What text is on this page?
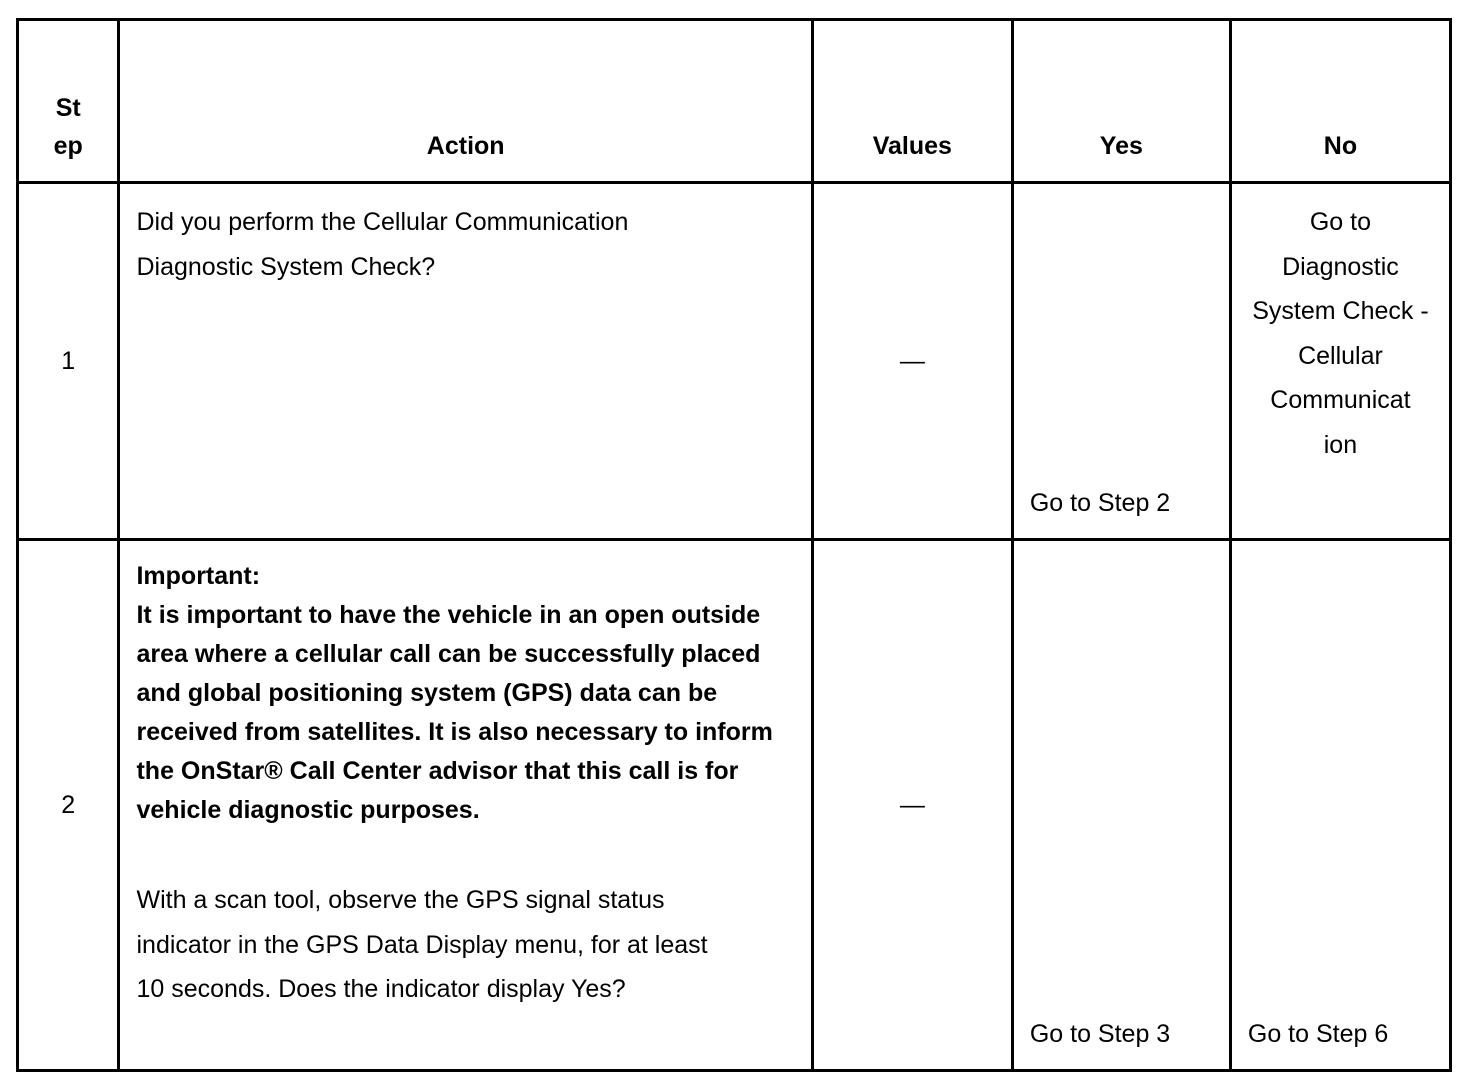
St ep	Action	Values	Yes	No
1	Did you perform the Cellular Communication Diagnostic System Check?	—	Go to Step 2	Go to Diagnostic System Check - Cellular Communicat ion
2	Important:
It is important to have the vehicle in an open outside area where a cellular call can be successfully placed and global positioning system (GPS) data can be received from satellites. It is also necessary to inform the OnStar® Call Center advisor that this call is for vehicle diagnostic purposes.
With a scan tool, observe the GPS signal status indicator in the GPS Data Display menu, for at least 10 seconds. Does the indicator display Yes?	—	Go to Step 3	Go to Step 6
